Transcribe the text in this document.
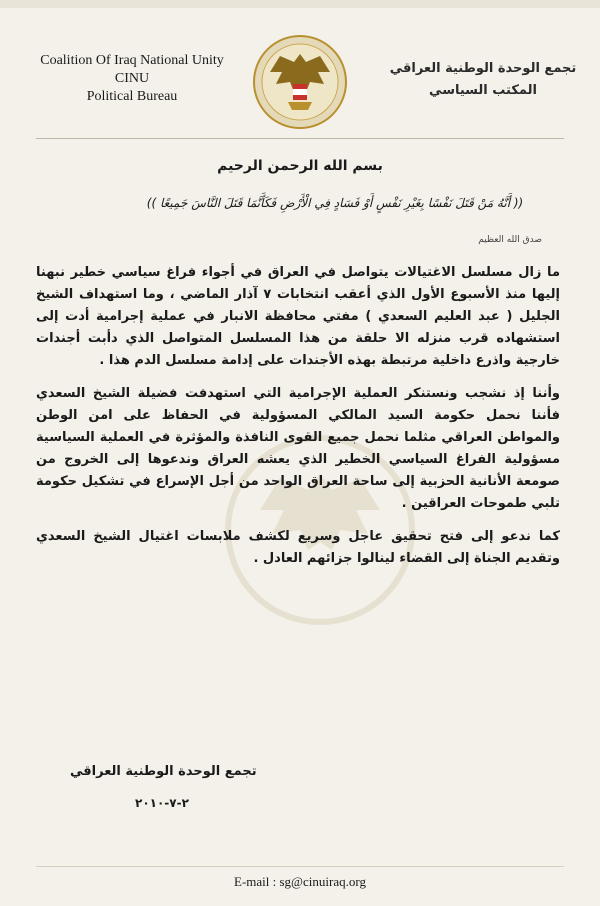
Coalition Of Iraq National Unity
CINU
Political Bureau
تجمع الوحدة الوطنية العراقي
المكتب السياسي
بسم الله الرحمن الرحيم
(( أَنَّهُ مَنْ قَتَلَ نَفْسًا بِغَيْرِ نَفْسٍ أَوْ فَسَادٍ فِي الْأَرْضِ فَكَأَنَّمَا قَتَلَ النَّاسَ جَمِيعًا ))
صدق الله العظيم

ما زال مسلسل الاغتيالات يتواصل في العراق في أجواء فراغ سياسي خطير نبهنا إليها منذ الأسبوع الأول الذي أعقب انتخابات ٧ آذار الماضي ، وما استهداف الشيخ الجليل ( عبد العليم السعدي ) مفتي محافظة الانبار في عملية إجرامية أدت إلى استشهاده قرب منزله الا حلقة من هذا المسلسل المتواصل الذي دأبت أجندات خارجية واذرع داخلية مرتبطة بهذه الأجندات على إدامة مسلسل الدم هذا .

وأننا إذ نشجب ونستنكر العملية الإجرامية التي استهدفت فضيلة الشيخ السعدي فأننا نحمل حكومة السيد المالكي المسؤولية في الحفاظ على امن الوطن والمواطن العراقي مثلما نحمل جميع القوى النافذة والمؤثرة في العملية السياسية مسؤولية الفراغ السياسي الخطير الذي يعشه العراق وندعوها إلى الخروج من صومعة الأنانية الحزبية إلى ساحة العراق الواحد من أجل الإسراع في تشكيل حكومة تلبي طموحات العراقين .

كما ندعو إلى فتح تحقيق عاجل وسريع لكشف ملابسات اغتيال الشيخ السعدي وتقديم الجناة إلى القضاء لينالوا جزائهم العادل .

تجمع الوحدة الوطنية العراقي
٢-٧-٢٠١٠
E-mail : sg@cinuiraq.org
